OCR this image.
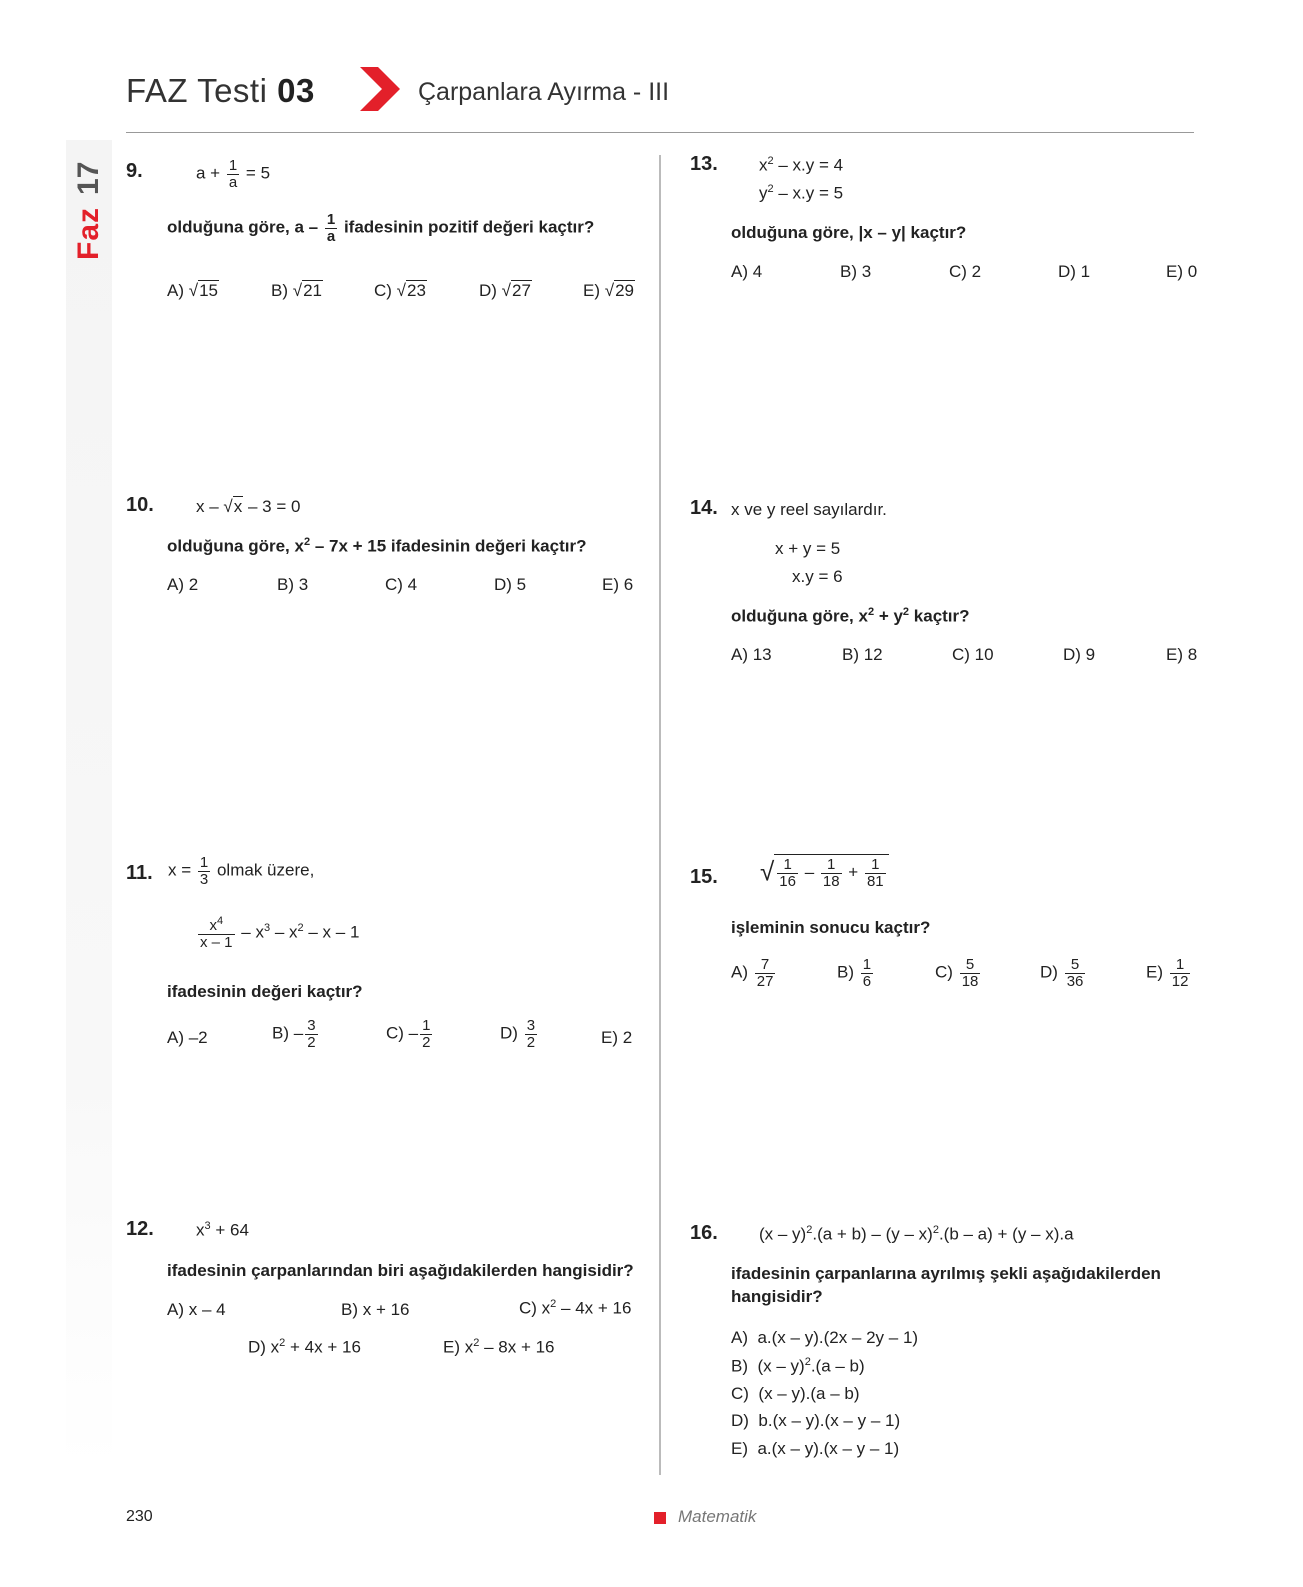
Faz
17
FAZ Testi 03	Çarpanlara Ayırma - III
9.	$a + \frac{1}{a} = 5$
olduğuna göre, a – $\frac{1}{a}$ ifadesinin pozitif değeri kaçtır?
A) √15	B) √21	C) √23	D) √27	E) √29
10. x – √x – 3 = 0
olduğuna göre, $x^2 - 7x + 15$ ifadesinin değeri kaçtır?
A) 2	B) 3	C) 4	D) 5	E) 6
11. $x = \frac{1}{3}$ olmak üzere,
$\frac{x^4}{x - 1} - x^3 - x^2$ – x – 1
ifadesinin değeri kaçtır?
A) –2	$B) - \frac{3}{2}$	$C) - \frac{1}{2}$	$D) \frac{3}{2}$	E) 2
12. $x^3 + 64$
ifadesinin çarpanlarından biri aşağıdakilerden hangisidir?
A) x – 4	B) x + 16	C) $x^2 - 4x + 16$
D) $x^2 + 4x + 16$	E) $x^2 - 8x + 16$
13. $x^2 - x.y = 4$
$y^2 - x.y = 5$
olduğuna göre, |x – y| kaçtır?
A) 4	B) 3	C) 2	D) 1	E) 0
14. x ve y reel sayılardır.
x + y = 5
x.y = 6
olduğuna göre, $x^2 + y^2$ kaçtır?
A) 13	B) 12	C) 10	D) 9	E) 8
15. √ $\frac{1}{16} - \frac{1}{18} + \frac{1}{81}$
işleminin sonucu kaçtır?
$A) \frac{7}{27}$	$B) \frac{1}{6}$	$C) \frac{5}{18}$	$D) \frac{5}{36}$	$E) \frac{1}{12}$
16. (x – y)$^2$.(a + b) – (y – x)$^2$.(b – a) + (y – x).a
ifadesinin çarpanlarına ayrılmış şekli aşağıdakilerden
hangisidir?
A) a.(x – y).(2x – 2y – 1)
B) (x – y)$^2$.(a – b)
C) (x – y).(a – b)
D) b.(x – y).(x – y – 1)
E) a.(x – y).(x – y – 1)
230	Matematik
